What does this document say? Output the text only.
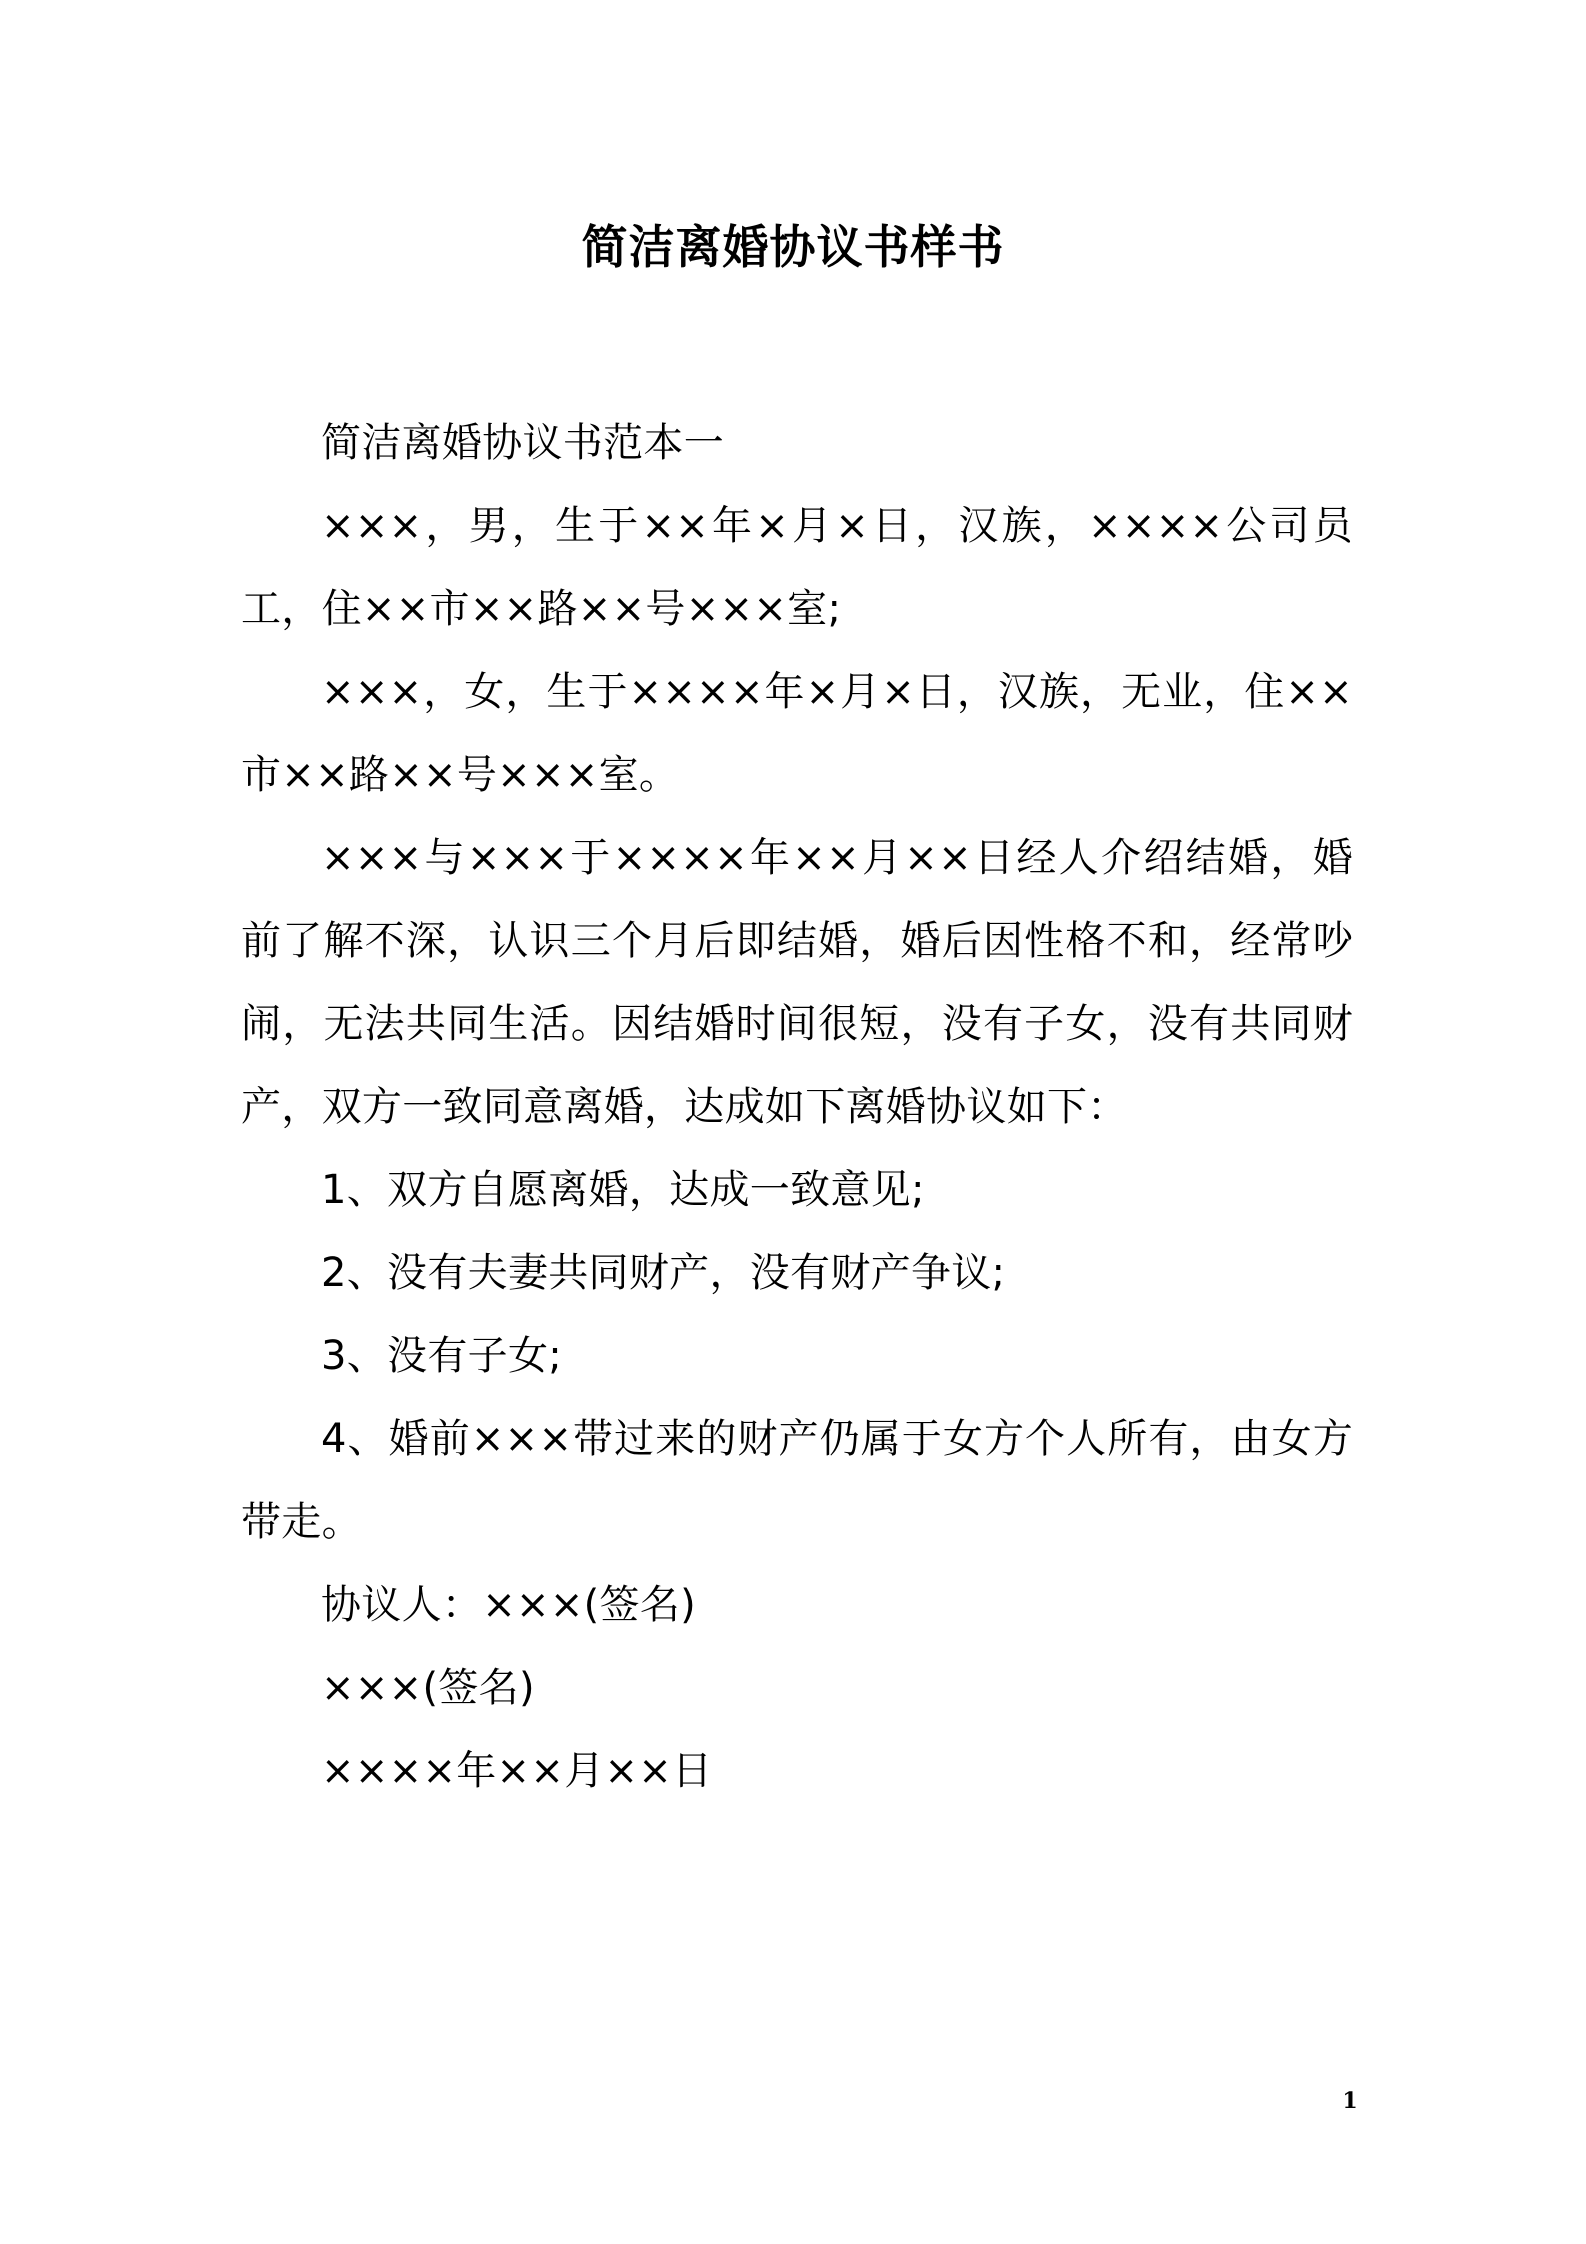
简洁离婚协议书样书

简洁离婚协议书范本一

×××，男，生于××年×月×日，汉族，××××公司员工，住××市××路××号×××室;

×××，女，生于××××年×月×日，汉族，无业，住××市××路××号×××室。

×××与×××于××××年××月××日经人介绍结婚，婚前了解不深，认识三个月后即结婚，婚后因性格不和，经常吵闹，无法共同生活。因结婚时间很短，没有子女，没有共同财产，双方一致同意离婚，达成如下离婚协议如下：

1、双方自愿离婚，达成一致意见;

2、没有夫妻共同财产，没有财产争议;

3、没有子女;

4、婚前×××带过来的财产仍属于女方个人所有，由女方带走。

协议人：×××(签名)

×××(签名)

××××年××月××日

1
